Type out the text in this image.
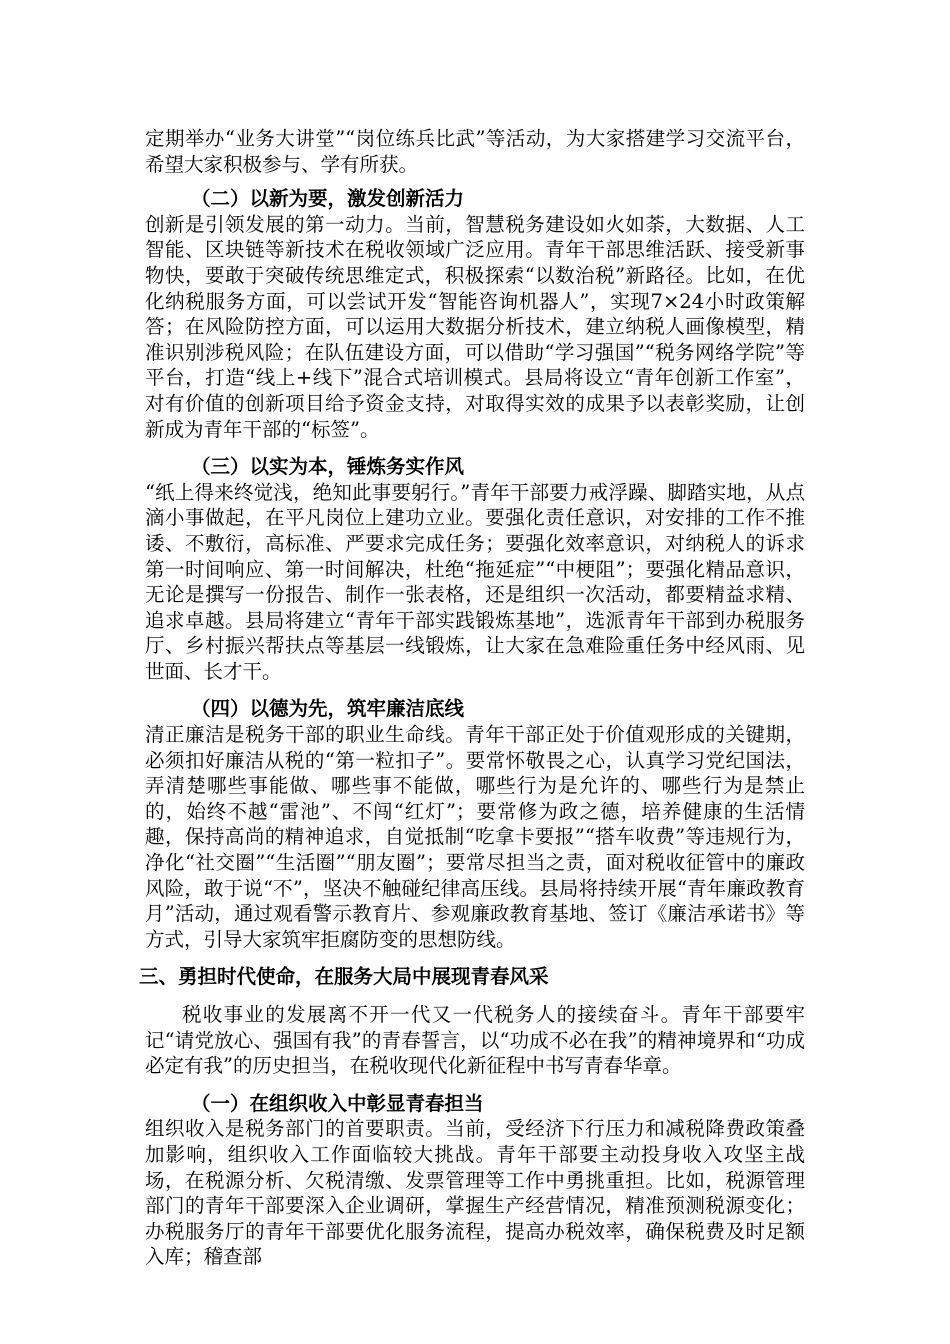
定期举办“业务大讲堂”“岗位练兵比武”等活动，为大家搭建学习交流平台，希望大家积极参与、学有所获。

（二）以新为要，激发创新活力

创新是引领发展的第一动力。当前，智慧税务建设如火如荼，大数据、人工智能、区块链等新技术在税收领域广泛应用。青年干部思维活跃、接受新事物快，要敢于突破传统思维定式，积极探索“以数治税”新路径。比如，在优化纳税服务方面，可以尝试开发“智能咨询机器人”，实现7×24小时政策解答；在风险防控方面，可以运用大数据分析技术，建立纳税人画像模型，精准识别涉税风险；在队伍建设方面，可以借助“学习强国”“税务网络学院”等平台，打造“线上+线下”混合式培训模式。县局将设立“青年创新工作室”，对有价值的创新项目给予资金支持，对取得实效的成果予以表彰奖励，让创新成为青年干部的“标签”。

（三）以实为本，锤炼务实作风

“纸上得来终觉浅，绝知此事要躬行。”青年干部要力戒浮躁、脚踏实地，从点滴小事做起，在平凡岗位上建功立业。要强化责任意识，对安排的工作不推诿、不敷衍，高标准、严要求完成任务；要强化效率意识，对纳税人的诉求第一时间响应、第一时间解决，杜绝“拖延症”“中梗阻”；要强化精品意识，无论是撰写一份报告、制作一张表格，还是组织一次活动，都要精益求精、追求卓越。县局将建立“青年干部实践锻炼基地”，选派青年干部到办税服务厅、乡村振兴帮扶点等基层一线锻炼，让大家在急难险重任务中经风雨、见世面、长才干。

（四）以德为先，筑牢廉洁底线

清正廉洁是税务干部的职业生命线。青年干部正处于价值观形成的关键期，必须扣好廉洁从税的“第一粒扣子”。要常怀敬畏之心，认真学习党纪国法，弄清楚哪些事能做、哪些事不能做，哪些行为是允许的、哪些行为是禁止的，始终不越“雷池”、不闯“红灯”；要常修为政之德，培养健康的生活情趣，保持高尚的精神追求，自觉抵制“吃拿卡要报”“搭车收费”等违规行为，净化“社交圈”“生活圈”“朋友圈”；要常尽担当之责，面对税收征管中的廉政风险，敢于说“不”，坚决不触碰纪律高压线。县局将持续开展“青年廉政教育月”活动，通过观看警示教育片、参观廉政教育基地、签订《廉洁承诺书》等方式，引导大家筑牢拒腐防变的思想防线。

三、勇担时代使命，在服务大局中展现青春风采

税收事业的发展离不开一代又一代税务人的接续奋斗。青年干部要牢记“请党放心、强国有我”的青春誓言，以“功成不必在我”的精神境界和“功成必定有我”的历史担当，在税收现代化新征程中书写青春华章。

（一）在组织收入中彰显青春担当

组织收入是税务部门的首要职责。当前，受经济下行压力和减税降费政策叠加影响，组织收入工作面临较大挑战。青年干部要主动投身收入攻坚主战场，在税源分析、欠税清缴、发票管理等工作中勇挑重担。比如，税源管理部门的青年干部要深入企业调研，掌握生产经营情况，精准预测税源变化；办税服务厅的青年干部要优化服务流程，提高办税效率，确保税费及时足额入库；稽查部
